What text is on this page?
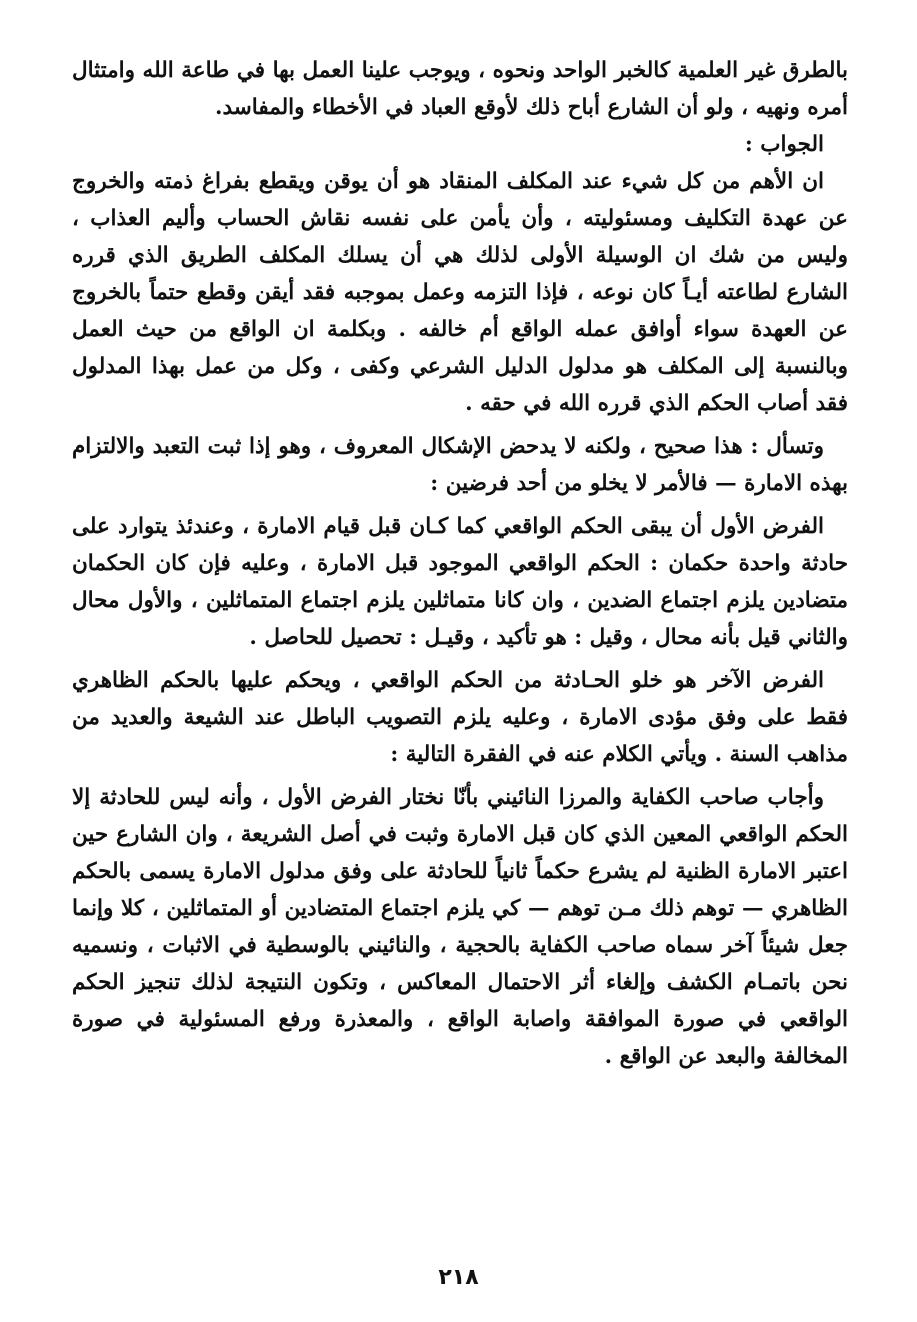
بالطرق غير العلمية كالخبر الواحد ونحوه ، ويوجب علينا العمل بها في طاعة الله وامتثال أمره ونهيه ، ولو أن الشارع أباح ذلك لأوقع العباد في الأخطاء والمفاسد.

الجواب :

ان الأهم من كل شيء عند المكلف المنقاد هو أن يوقن ويقطع بفراغ ذمته والخروج عن عهدة التكليف ومسئوليته ، وأن يأمن على نفسه نقاش الحساب وأليم العذاب ، وليس من شك ان الوسيلة الأولى لذلك هي أن يسلك المكلف الطريق الذي قرره الشارع لطاعته أيـاً كان نوعه ، فإذا التزمه وعمل بموجبه فقد أيقن وقطع حتماً بالخروج عن العهدة سواء أوافق عمله الواقع أم خالفه . وبكلمة ان الواقع من حيث العمل وبالنسبة إلى المكلف هو مدلول الدليل الشرعي وكفى ، وكل من عمل بهذا المدلول فقد أصاب الحكم الذي قرره الله في حقه .

وتسأل : هذا صحيح ، ولكنه لا يدحض الإشكال المعروف ، وهو إذا ثبت التعبد والالتزام بهذه الامارة — فالأمر لا يخلو من أحد فرضين :

الفرض الأول أن يبقى الحكم الواقعي كما كـان قبل قيام الامارة ، وعندئذ يتوارد على حادثة واحدة حكمان : الحكم الواقعي الموجود قبل الامارة ، وعليه فإن كان الحكمان متضادين يلزم اجتماع الضدين ، وان كانا متماثلين يلزم اجتماع المتماثلين ، والأول محال والثاني قيل بأنه محال ، وقيل : هو تأكيد ، وقيـل : تحصيل للحاصل .

الفرض الآخر هو خلو الحـادثة من الحكم الواقعي ، ويحكم عليها بالحكم الظاهري فقط على وفق مؤدى الامارة ، وعليه يلزم التصويب الباطل عند الشيعة والعديد من مذاهب السنة . ويأتي الكلام عنه في الفقرة التالية :

وأجاب صاحب الكفاية والمرزا النائيني بأنّا نختار الفرض الأول ، وأنه ليس للحادثة إلا الحكم الواقعي المعين الذي كان قبل الامارة وثبت في أصل الشريعة ، وان الشارع حين اعتبر الامارة الظنية لم يشرع حكماً ثانياً للحادثة على وفق مدلول الامارة يسمى بالحكم الظاهري — توهم ذلك مـن توهم — كي يلزم اجتماع المتضادين أو المتماثلين ، كلا وإنما جعل شيئاً آخر سماه صاحب الكفاية بالحجية ، والنائيني بالوسطية في الاثبات ، ونسميه نحن باتمـام الكشف وإلغاء أثر الاحتمال المعاكس ، وتكون النتيجة لذلك تنجيز الحكم الواقعي في صورة الموافقة واصابة الواقع ، والمعذرة ورفع المسئولية في صورة المخالفة والبعد عن الواقع .

٢١٨
